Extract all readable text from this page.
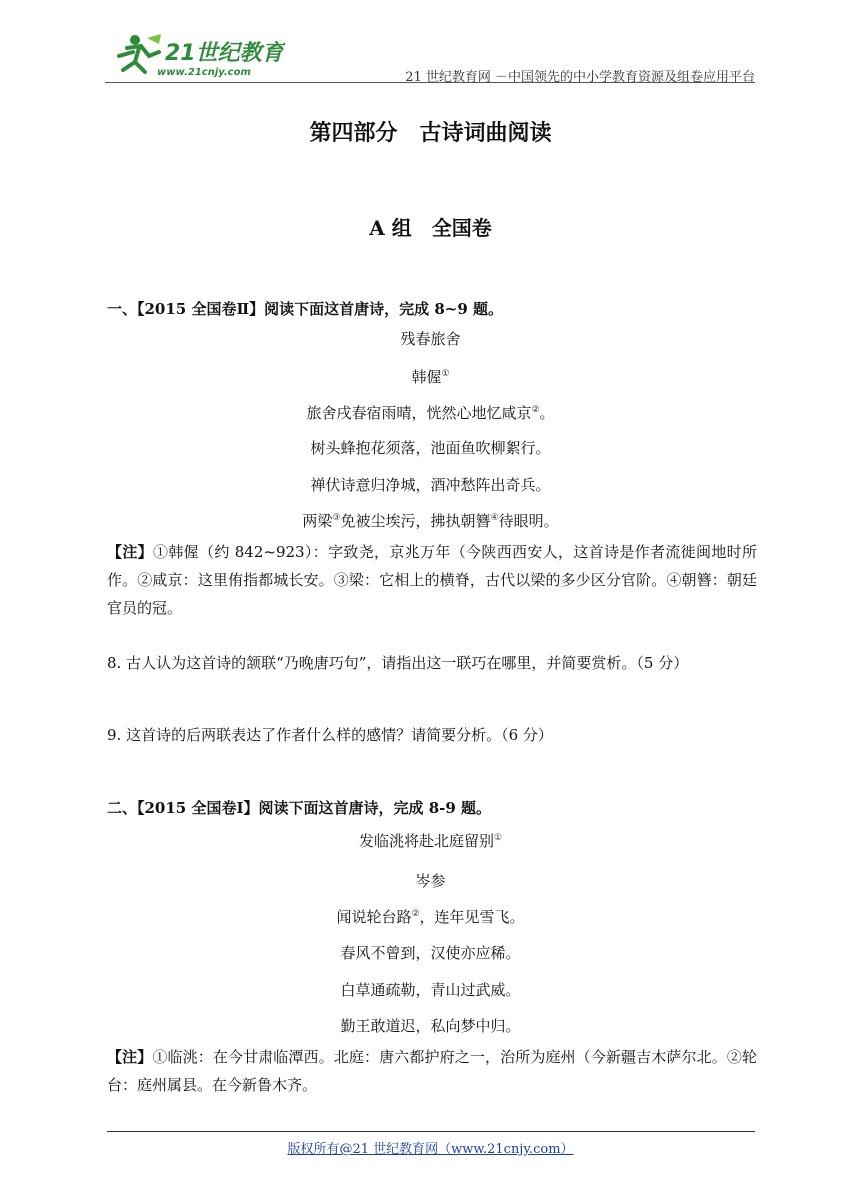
21世纪教育
www.21cnjy.com	21 世纪教育网 －中国领先的中小学教育资源及组卷应用平台
第四部分　古诗词曲阅读
A 组　全国卷
一、【2015 全国卷Ⅱ】阅读下面这首唐诗，完成 8~9 题。
残春旅舍
韩偓①
旅舍戌春宿雨晴，恍然心地忆咸京②。
树头蜂抱花须落，池面鱼吹柳絮行。
禅伏诗意归净城，酒冲愁阵出奇兵。
两梁③免被尘埃污，拂执朝簪④待眼明。
【注】①韩偓（约 842~923）：字致尧，京兆万年（今陕西西安人，这首诗是作者流徙闽地时所作。②咸京：这里侑指都城长安。③梁：它相上的横脊，古代以梁的多少区分官阶。④朝簪：朝廷官员的冠。
8. 古人认为这首诗的颔联“乃晚唐巧句”，请指出这一联巧在哪里，并简要赏析。（5 分）
9. 这首诗的后两联表达了作者什么样的感情？请简要分析。（6 分）
二、【2015 全国卷Ⅰ】阅读下面这首唐诗，完成 8-9 题。
发临洮将赴北庭留别①
岑参
闻说轮台路②，连年见雪飞。
春风不曾到，汉使亦应稀。
白草通疏勒，青山过武威。
勤王敢道迟，私向梦中归。
【注】①临洮：在今甘肃临潭西。北庭：唐六都护府之一，治所为庭州（今新疆吉木萨尔北。②轮台：庭州属县。在今新鲁木齐。
版权所有@21 世纪教育网（www.21cnjy.com）
